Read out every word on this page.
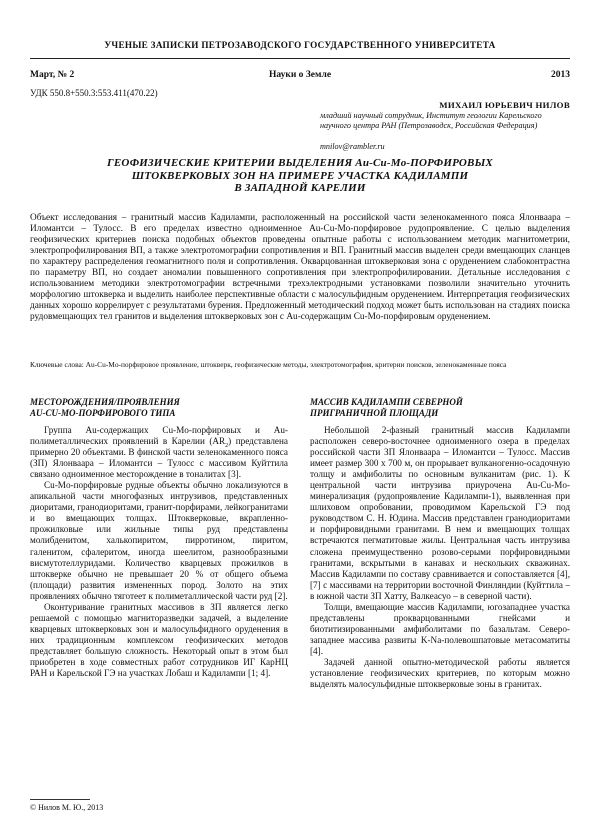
УЧЕНЫЕ ЗАПИСКИ ПЕТРОЗАВОДСКОГО ГОСУДАРСТВЕННОГО УНИВЕРСИТЕТА
Март, № 2	Науки о Земле	2013
УДК 550.8+550.3:553.411(470.22)
МИХАИЛ ЮРЬЕВИЧ НИЛОВ
младший научный сотрудник, Институт геологии Карельского научного центра РАН (Петрозаводск, Российская Федерация)
mnilov@rambler.ru
ГЕОФИЗИЧЕСКИЕ КРИТЕРИИ ВЫДЕЛЕНИЯ Au-Cu-Mo-ПОРФИРОВЫХ
ШТОКВЕРКОВЫХ ЗОН НА ПРИМЕРЕ УЧАСТКА КАДИЛАМПИ
В ЗАПАДНОЙ КАРЕЛИИ
Объект исследования – гранитный массив Кадилампи, расположенный на российской части зеленокаменного пояса Ялонваара – Иломантси – Тулосс. В его пределах известно одноименное Au-Cu-Mo-порфировое рудопроявление. С целью выделения геофизических критериев поиска подобных объектов проведены опытные работы с использованием методик магнитометрии, электропрофилирования ВП, а также электротомографии сопротивления и ВП. Гранитный массив выделен среди вмещающих сланцев по характеру распределения геомагнитного поля и сопротивления. Окварцованная штокверковая зона с оруденением слабоконтрастна по параметру ВП, но создает аномалии повышенного сопротивления при электропрофилировании. Детальные исследования с использованием методики электротомографии встречными трехэлектродными установками позволили значительно уточнить морфологию штокверка и выделить наиболее перспективные области с малосульфидным оруденением. Интерпретация геофизических данных хорошо коррелирует с результатами бурения. Предложенный методический подход может быть использован на стадиях поиска рудовмещающих тел гранитов и выделения штокверковых зон с Au-содержащим Cu-Mo-порфировым оруденением.
Ключевые слова: Au-Cu-Mo-порфировое проявление, штокверк, геофизические методы, электротомография, критерии поисков, зеленокаменные пояса
МЕСТОРОЖДЕНИЯ/ПРОЯВЛЕНИЯ
AU-CU-MO-ПОРФИРОВОГО ТИПА

Группа Au-содержащих Cu-Mo-порфировых и Au-полиметаллических проявлений в Карелии $(AR_2)$ представлена примерно 20 объектами. В финской части зеленокаменного пояса (ЗП) Ялонваара – Иломантси – Тулосс с массивом Куйттила связано одноименное месторождение в тоналитах [3].

Cu-Mo-порфировые рудные объекты обычно локализуются в апикальной части многофазных интрузивов, представленных диоритами, гранодиоритами, гранит-порфирами, лейкогранитами и во вмещающих толщах. Штокверковые, вкрапленно-прожилковые или жильные типы руд представлены молибденитом, халькопиритом, пирротином, пиритом, галенитом, сфалеритом, иногда шеелитом, разнообразными висмутотеллуридами. Количество кварцевых прожилков в штокверке обычно не превышает 20 % от общего объема (площади) развития измененных пород. Золото на этих проявлениях обычно тяготеет к полиметаллической части руд [2].

Оконтуривание гранитных массивов в ЗП является легко решаемой с помощью магниторазведки задачей, а выделение кварцевых штокверковых зон и малосульфидного оруденения в них традиционным комплексом геофизических методов представляет большую сложность. Некоторый опыт в этом был приобретен в ходе совместных работ сотрудников ИГ КарНЦ РАН и Карельской ГЭ на участках Лобаш и Кадилампи [1; 4].

МАССИВ КАДИЛАМПИ СЕВЕРНОЙ
ПРИГРАНИЧНОЙ ПЛОЩАДИ

Небольшой 2-фазный гранитный массив Кадилампи расположен северо-восточнее одноименного озера в пределах российской части ЗП Ялонваара – Иломантси – Тулосс. Массив имеет размер 300 х 700 м, он прорывает вулканогенно-осадочную толщу и амфиболиты по основным вулканитам (рис. 1). К центральной части интрузива приурочена Au-Cu-Mo-минерализация (рудопроявление Кадилампи-1), выявленная при шлиховом опробовании, проводимом Карельской ГЭ под руководством С. Н. Юдина. Массив представлен гранодиоритами и порфировидными гранитами. В нем и вмещающих толщах встречаются пегматитовые жилы. Центральная часть интрузива сложена преимущественно розово-серыми порфировидными гранитами, вскрытыми в канавах и нескольких скважинах. Массив Кадилампи по составу сравнивается и сопоставляется [4], [7] с массивами на территории восточной Финляндии (Куйттила – в южной части ЗП Хатту, Валкеасуо – в северной части).

Толщи, вмещающие массив Кадилампи, югозападнее участка представлены прокварцованными гнейсами и биотитизированными амфиболитами по базальтам. Северо-западнее массива развиты K-Na-полевошпатовые метасоматиты [4].

Задачей данной опытно-методической работы является установление геофизических критериев, по которым можно выделять малосульфидные штокверковые зоны в гранитах.

© Нилов М. Ю., 2013
